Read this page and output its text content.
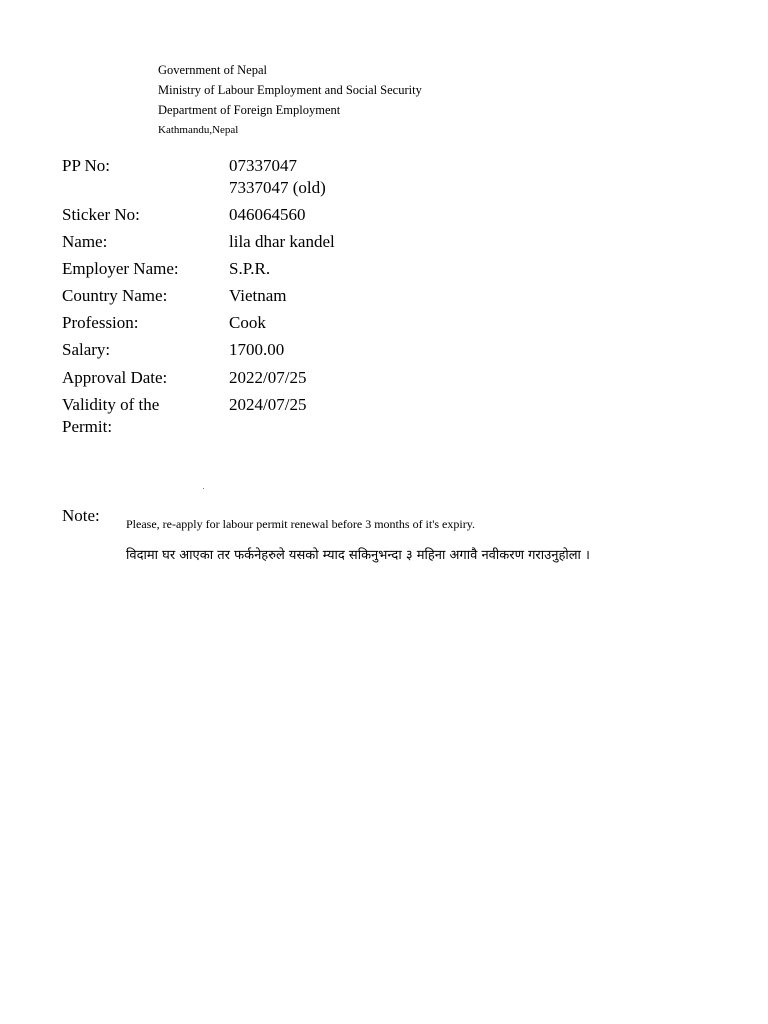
Government of Nepal
Ministry of Labour Employment and Social Security
Department of Foreign Employment
Kathmandu,Nepal
PP No:	07337047
7337047 (old)
Sticker No:	046064560
Name:	lila dhar kandel
Employer Name:	S.P.R.
Country Name:	Vietnam
Profession:	Cook
Salary:	1700.00
Approval Date:	2022/07/25
Validity of the Permit:
2024/07/25
Note: Please, re-apply for labour permit renewal before 3 months of it's expiry.
विदामा घर आएका तर फर्कनेहरुले यसको म्याद सकिनुभन्दा ३ महिना अगावै नवीकरण गराउनुहोला ।
